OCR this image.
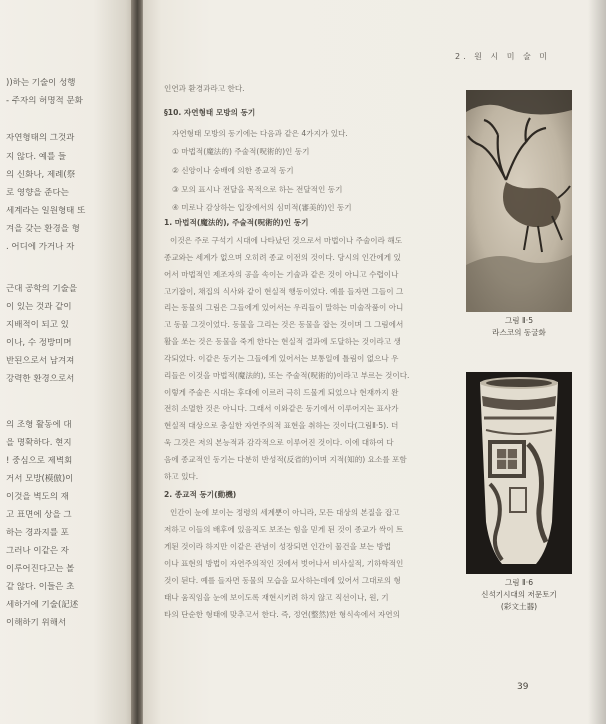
))하는 기술이 성행
- 주자의 허명적 문화
자연형태의 그것과
지 않다. 예를 들
의 신화나, 제례(祭
로 영향을 준다는
세계라는 일원형태 또
겨을 갖는 환경을 형
. 어디에 가거나 자
근대 공학의 기술을
이 있는 것과 같이
지배적이 되고 있
이나, 수 정방미며
반된으로서 남겨져
강력한 환경으로서
의 조형 활동에 대
을 명확하다. 현지
! 중심으로 제벽회
거서 모방(模倣)이
이것을 벽도의 재
고 표면에 상을 그
하는 경과지를 포
그러나 이같은 자
이루어진다고는 볼
같 않다. 이들은 초
세하거에 기술(記述
이해하기 위해서
2. 원 시 미 술 미
인연과 환경과라고 한다.
§10. 자연형태 모방의 동기
자연형태 모방의 동기에는 다음과 같은 4가지가 있다.
① 마법적(魔法的) 주술적(呪術的)인 동기
② 신앙이나 숭배에 의한 종교적 동기
③ 모의 표시나 전달을 목적으로 하는 전달적인 동기
④ 미로나 감상하는 입장에서의 심미적(審美的)인 동기
1. 마법적(魔法的), 주술적(呪術的)인 동기
이것은 주로 구석기 시대에 나타났던 것으로서 마법이나 주술이라 해도
종교와는 세계가 없으며 오히려 종교 이전의 것이다. 당시의 인간에게 있
어서 마법적인 제조자의 공을 속이는 기술과 같은 것이 아니고 수렵이나
고기잡이, 채집의 식사와 같이 현실적 행동이었다. 예를 들자면 그들이 그
리는 동물의 그림은 그들에게 있어서는 우리들이 말하는 미술작품이 아니
고 동물 그것이었다. 동물을 그리는 것은 동물을 잡는 것이며 그 그림에서
활을 쏘는 것은 동물을 죽게 한다는 현실적 결과에 도달하는 것이라고 생
각되었다. 이같은 동기는 그들에게 있어서는 보통일에 틀림이 없으나 우
리들은 이것을 마법적(魔法的), 또는 주술적(呪術的)이라고 부르는 것이다.
이렇게 주술은 시대는 후대에 이르러 극히 드물게 되었으나 현재까지 완
전히 소멸한 것은 아니다. 그래서 이와같은 동기에서 이루어지는 표사가
현실적 대상으로 충실한 자연주의적 표현을 취하는 것이다(그림Ⅱ·5). 더
욱 그것은 저의 본능적과 감각적으로 이루어진 것이다. 이에 대하여 다
음에 종교적인 동기는 다분히 반성적(反省的)이며 지적(知的) 요소를 포함
하고 있다.
2. 종교적 동기(動機)
인간이 눈에 보이는 정령의 세계뿐이 아니라, 모든 대상의 본질을 잡고
저하고 이들의 배후에 있음직도 보조는 힘을 믿게 된 것이 종교가 싹이 트
게된 것이라 하지만 이같은 관념이 성장되면 인간이 물건을 보는 방법
이나 표현의 방법이 자연주의적인 것에서 벗어나서 비사실적, 기하학적인
것이 된다. 예를 들자면 동물의 모습을 묘사하는데에 있어서 그대로의 형
태나 움직임을 눈에 보이도록 재현시키려 하지 않고 직선이나, 원, 기
타의 단순한 형태에 맞추고서 한다. 즉, 정연(整然)한 형식속에서 자연의
그림 Ⅱ·5
라스코의 동굴화
그림 Ⅱ·6
신석기시대의 저문토기
(彩文土器)
39
